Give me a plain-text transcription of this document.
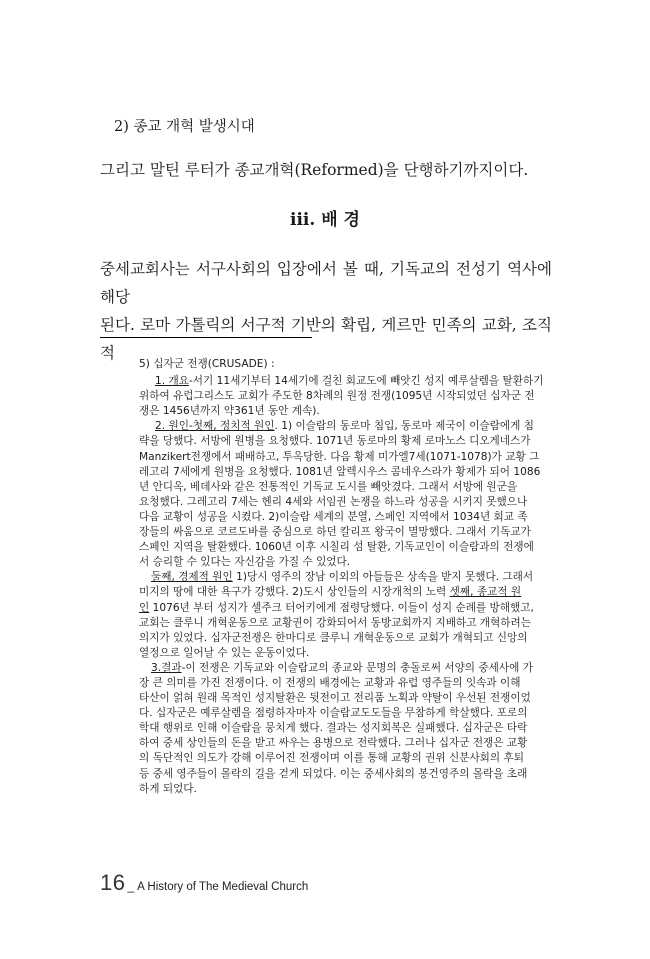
2) 종교 개혁 발생시대
그리고 말틴 루터가 종교개혁(Reformed)을 단행하기까지이다.
iii. 배 경
중세교회사는 서구사회의 입장에서 볼 때, 기독교의 전성기 역사에 해당
된다. 로마 가톨릭의 서구적 기반의 확립, 게르만 민족의 교화, 조직적
5) 십자군 전쟁(CRUSADE) :
1. 개요-서기 11세기부터 14세기에 걸친 회교도에 빼앗긴 성지 예루살렘을 탈환하기
위하여 유럽그리스도 교회가 주도한 8차례의 원정 전쟁(1095년 시작되었던 십자군 전
쟁은 1456년까지 약361년 동안 계속).
2. 원인-첫째, 정치적 원인. 1) 이슬람의 동로마 침입, 동로마 제국이 이슬람에게 침
략을 당했다. 서방에 원병을 요청했다. 1071년 동로마의 황제 로마노스 디오게네스가
Manzikert전쟁에서 패배하고, 투옥당한. 다음 황제 미가엘7세(1071-1078)가 교황 그
레고리 7세에게 원병을 요청했다. 1081년 알렉시우스 콤네우스라가 황제가 되어 1086
년 안디옥, 베데사와 같은 전통적인 기독교 도시를 빼앗겼다. 그래서 서방에 원군을
요청했다. 그레고리 7세는 헨리 4세와 서임권 논쟁을 하느라 성공을 시키지 못했으나
다음 교황이 성공을 시켰다. 2)이슬람 세계의 분열, 스페인 지역에서 1034년 회교 족
장들의 싸움으로 코르도바를 중심으로 하던 칼리프 왕국이 멸망했다. 그래서 기독교가
스페인 지역을 탈환했다. 1060년 이후 시칠리 섬 탈환, 기독교인이 이슬람과의 전쟁에
서 승리할 수 있다는 자신감을 가질 수 있었다.
둘째, 경제적 원인 1)당시 영주의 장남 이외의 아들들은 상속을 받지 못했다. 그래서
미지의 땅에 대한 욕구가 강했다. 2)도시 상인들의 시장개척의 노력 셋째, 종교적 원
인 1076년 부터 성지가 셀주크 터어키에게 점령당했다. 이들이 성지 순례를 방해했고,
교회는 클루니 개혁운동으로 교황권이 강화되어서 동방교회까지 지배하고 개혁하려는
의지가 있었다. 십자군전쟁은 한마디로 클루니 개혁운동으로 교회가 개혁되고 신앙의
열정으로 일어날 수 있는 운동이었다.
3.결과-이 전쟁은 기독교와 이슬람교의 종교와 문명의 충돌로써 서양의 중세사에 가
장 큰 의미를 가진 전쟁이다. 이 전쟁의 배경에는 교황과 유럽 영주들의 잇속과 이해
타산이 얽혀 원래 목적인 성지탈환은 뒷전이고 전리품 노획과 약탈이 우선된 전쟁이었
다. 십자군은 예루살렘을 점령하자마자 이슬람교도도들을 무참하게 학살했다. 포로의
학대 행위로 인해 이슬람을 뭉치게 했다. 결과는 성지회복은 실패했다. 십자군은 타락
하여 중세 상인들의 돈을 받고 싸우는 용병으로 전락했다. 그러나 십자군 전쟁은 교황
의 독단적인 의도가 강해 이루어진 전쟁이며 이를 통해 교황의 권위 신분사회의 후퇴
등 중세 영주들이 몰락의 길을 걷게 되었다. 이는 중세사회의 봉건영주의 몰락을 초래
하게 되었다.
16 _ A History of The Medieval Church
